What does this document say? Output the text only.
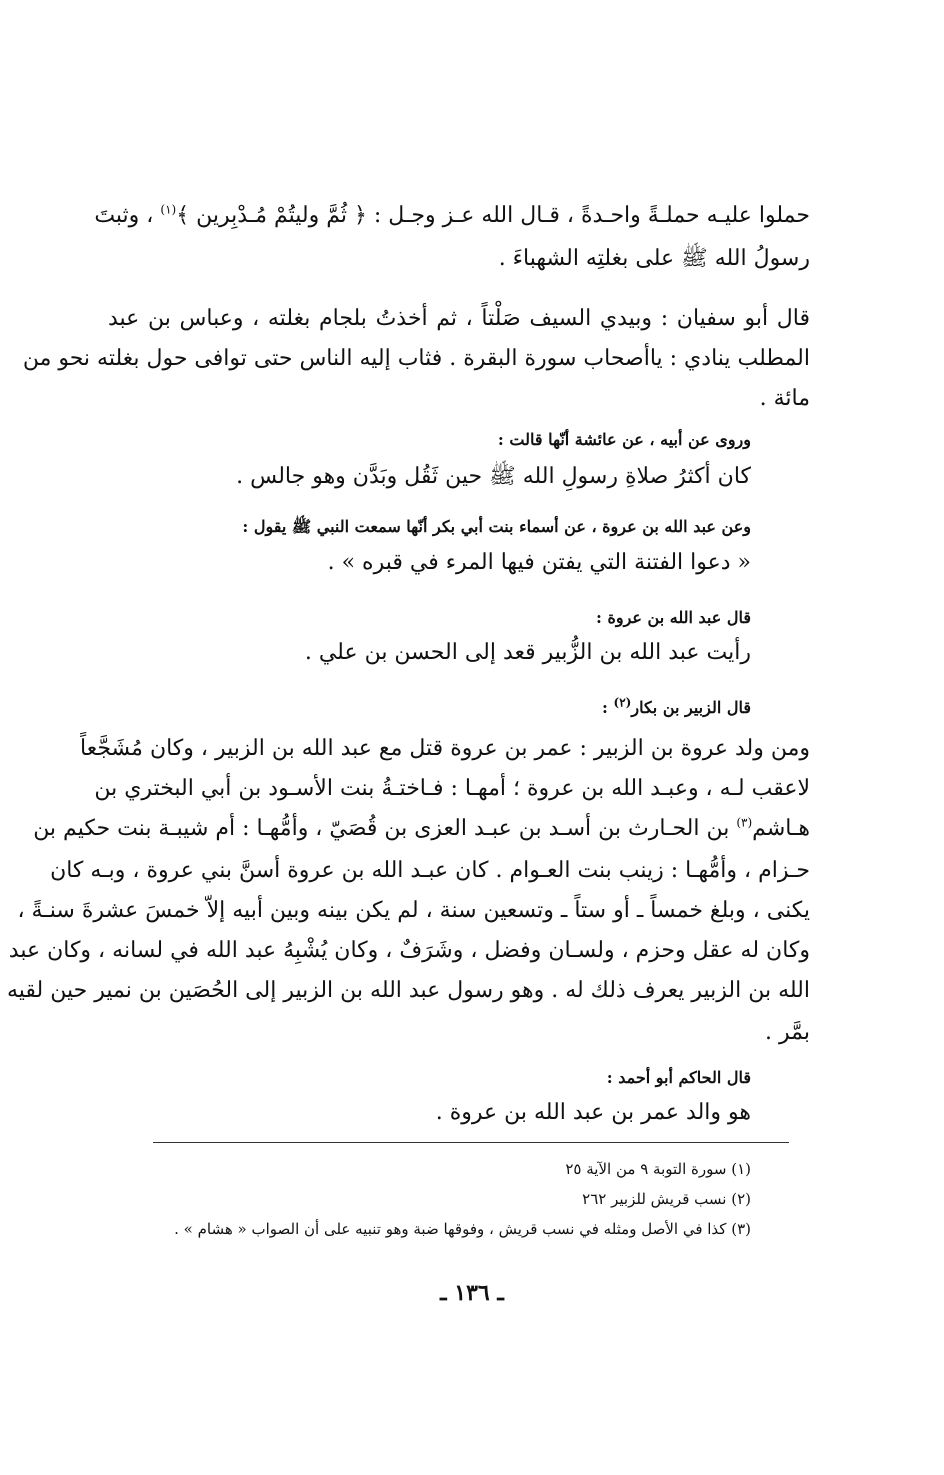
حملوا عليـه حملـةً واحـدةً ، قـال الله عـز وجـل : ﴿ ثُمَّ وليتُمْ مُـدْبِرين ﴾$^{(١)}$ ، وثبتَ
رسولُ الله ﷺ على بغلتِه الشهباءَ .
قال أبو سفيان : وبيدي السيف صَلْتاً ، ثم أخذتُ بلجام بغلته ، وعباس بن عبد
المطلب ينادي : ياأصحاب سورة البقرة . فثاب إليه الناس حتى توافى حول بغلته نحو من
مائة .
وروى عن أبيه ، عن عائشة أنّها قالت :
كان أكثرُ صلاةِ رسولِ الله ﷺ حين ثَقُل وبَدَّن وهو جالس .
وعن عبد الله بن عروة ، عن أسماء بنت أبي بكر أنّها سمعت النبي ﷺ يقول :
« دعوا الفتنة التي يفتن فيها المرء في قبره » .
قال عبد الله بن عروة :
رأيت عبد الله بن الزُّبير قعد إلى الحسن بن علي .
قال الزبير بن بكار$^{(٢)}$ :
ومن ولد عروة بن الزبير : عمر بن عروة قتل مع عبد الله بن الزبير ، وكان مُشَجَّعاً
لاعقب لـه ، وعبـد الله بن عروة ؛ أمهـا : فـاختـةُ بنت الأسـود بن أبي البختري بن
هـاشم$^{(٣)}$ بن الحـارث بن أسـد بن عبـد العزى بن قُصَيّ ، وأمُّهـا : أم شيبـة بنت حكيم بن
حـزام ، وأمُّهـا : زينب بنت العـوام . كان عبـد الله بن عروة أسنَّ بني عروة ، وبـه كان
يكنى ، وبلغ خمساً ـ أو ستاً ـ وتسعين سنة ، لم يكن بينه وبين أبيه إلاّ خمسَ عشرةَ سنـةً ،
وكان له عقل وحزم ، ولسـان وفضل ، وشَرَفٌ ، وكان يُشْبِهُ عبد الله في لسانه ، وكان عبد
الله بن الزبير يعرف ذلك له . وهو رسول عبد الله بن الزبير إلى الحُصَين بن نمير حين لقيه
بمَّر .
قال الحاكم أبو أحمد :
هو والد عمر بن عبد الله بن عروة .
(١) سورة التوبة ٩ من الآية ٢٥
(٢) نسب قريش للزبير ٢٦٢
(٣) كذا في الأصل ومثله في نسب قريش ، وفوقها ضبة وهو تنبيه على أن الصواب « هشام » .
ـ ١٣٦ ـ
